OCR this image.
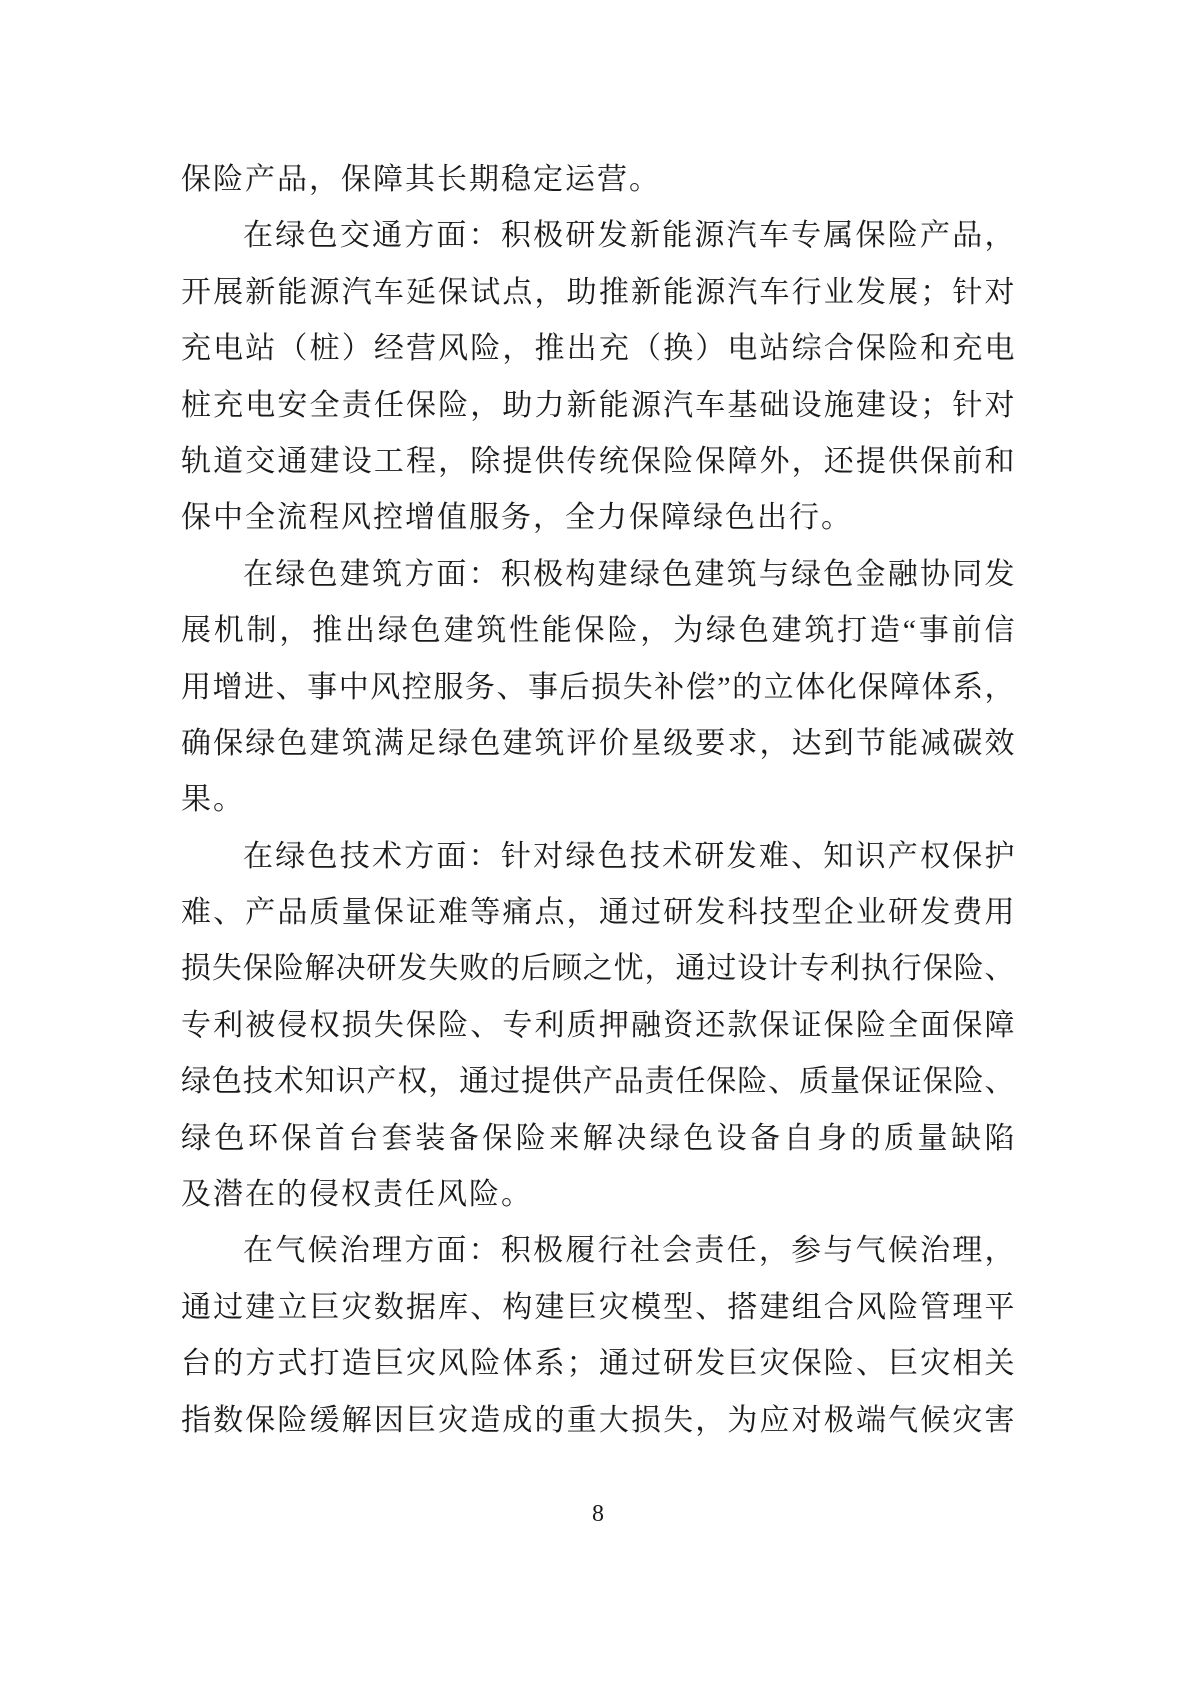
保险产品，保障其长期稳定运营。
在绿色交通方面：积极研发新能源汽车专属保险产品，
开展新能源汽车延保试点，助推新能源汽车行业发展；针对
充电站（桩）经营风险，推出充（换）电站综合保险和充电
桩充电安全责任保险，助力新能源汽车基础设施建设；针对
轨道交通建设工程，除提供传统保险保障外，还提供保前和
保中全流程风控增值服务，全力保障绿色出行。
在绿色建筑方面：积极构建绿色建筑与绿色金融协同发
展机制，推出绿色建筑性能保险，为绿色建筑打造“事前信
用增进、事中风控服务、事后损失补偿”的立体化保障体系，
确保绿色建筑满足绿色建筑评价星级要求，达到节能减碳效
果。
在绿色技术方面：针对绿色技术研发难、知识产权保护
难、产品质量保证难等痛点，通过研发科技型企业研发费用
损失保险解决研发失败的后顾之忧，通过设计专利执行保险、
专利被侵权损失保险、专利质押融资还款保证保险全面保障
绿色技术知识产权，通过提供产品责任保险、质量保证保险、
绿色环保首台套装备保险来解决绿色设备自身的质量缺陷
及潜在的侵权责任风险。
在气候治理方面：积极履行社会责任，参与气候治理，
通过建立巨灾数据库、构建巨灾模型、搭建组合风险管理平
台的方式打造巨灾风险体系；通过研发巨灾保险、巨灾相关
指数保险缓解因巨灾造成的重大损失，为应对极端气候灾害
8
